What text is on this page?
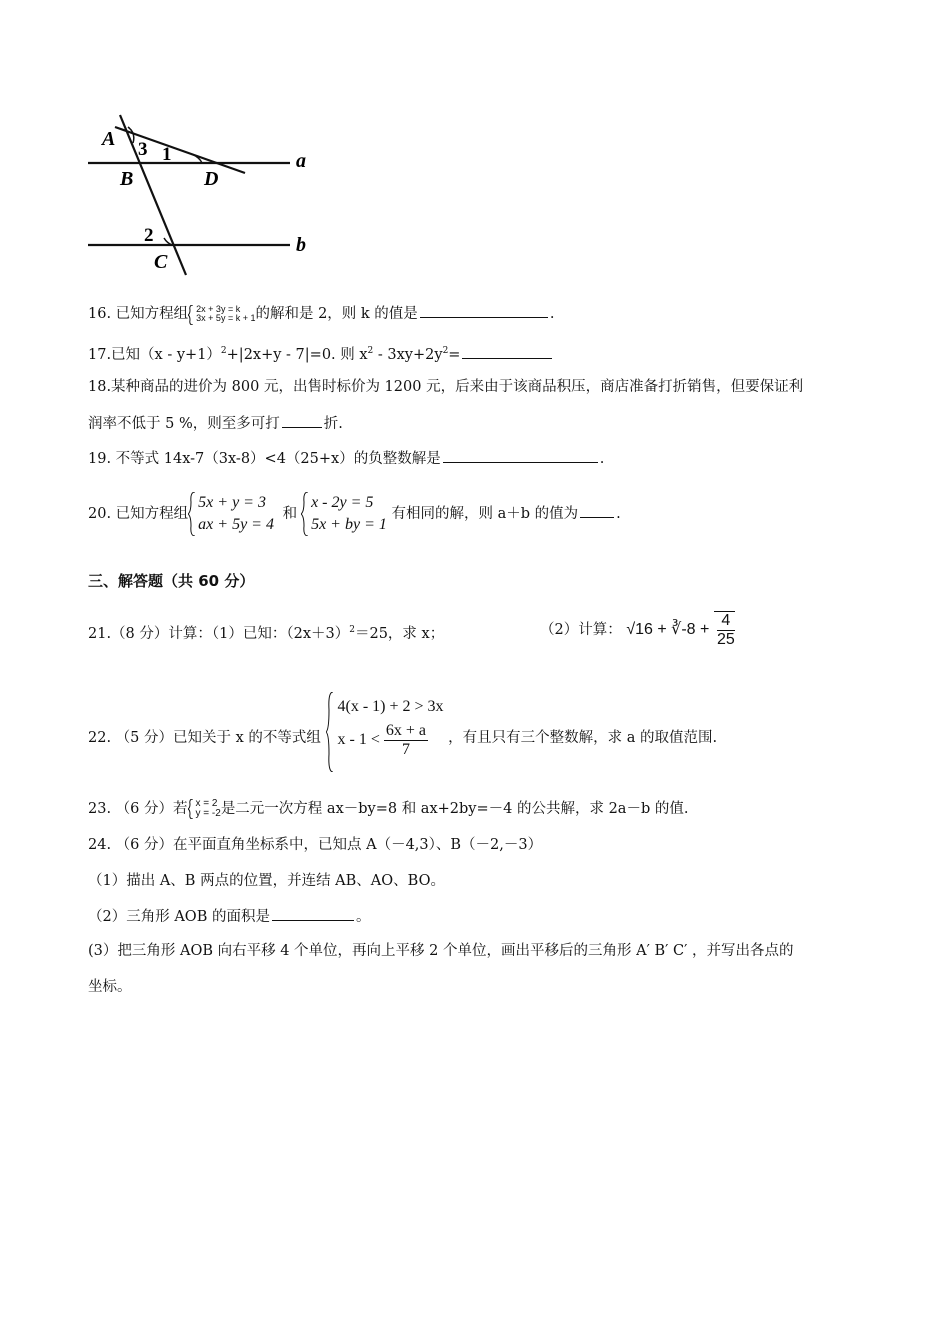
A 3 1
B	D
a
2	b
C
16. 已知方程组 2x + 3y = k
3x + 5y = k + 1 的解和是 2，则 k 的值是	.
17.已知$(x - y+1)^2+|2x+y - 7|=0$. 则 $x^2 - 3xy+2y^2=$
18.某种商品的进价为 800 元，出售时标价为 1200 元，后来由于该商品积压，商店准备打折销售，但要保证利
润率不低于 5 %，则至多可打	折.
19. 不等式 14x-7（3x-8）<4（25+x）的负整数解是	.
20. 已知方程组
5x + y = 3
ax + 5y = 4
和
x - 2y = 5
5x + by = 1
有相同的解，则 a＋b 的值为	.
三、解答题（共 60 分）
21.（8 分）计算：（1）已知：$(2x+3)^2=25$，求 x；	（2）计算： √16 + ∛-8 + $\frac{4}{25}$
22. （5 分）已知关于 x 的不等式组
4(x - 1) + 2 > 3x
$x - 1 < \frac{6x + a}{7}$ ，有且只有三个整数解，求 a 的取值范围.
23. （6 分）若 x = 2
y = -2 是二元一次方程 ax－by=8 和 ax+2by=－4 的公共解，求 2a－b 的值.
24. （6 分）在平面直角坐标系中，已知点 A（－4,3）、B（－2,－3）
（1）描出 A、B 两点的位置，并连结 AB、AO、BO。
（2）三角形 AOB 的面积是	。
(3）把三角形 AOB 向右平移 4 个单位，再向上平移 2 个单位，画出平移后的三角形 A′ B′ C′ ，并写出各点的
坐标。
